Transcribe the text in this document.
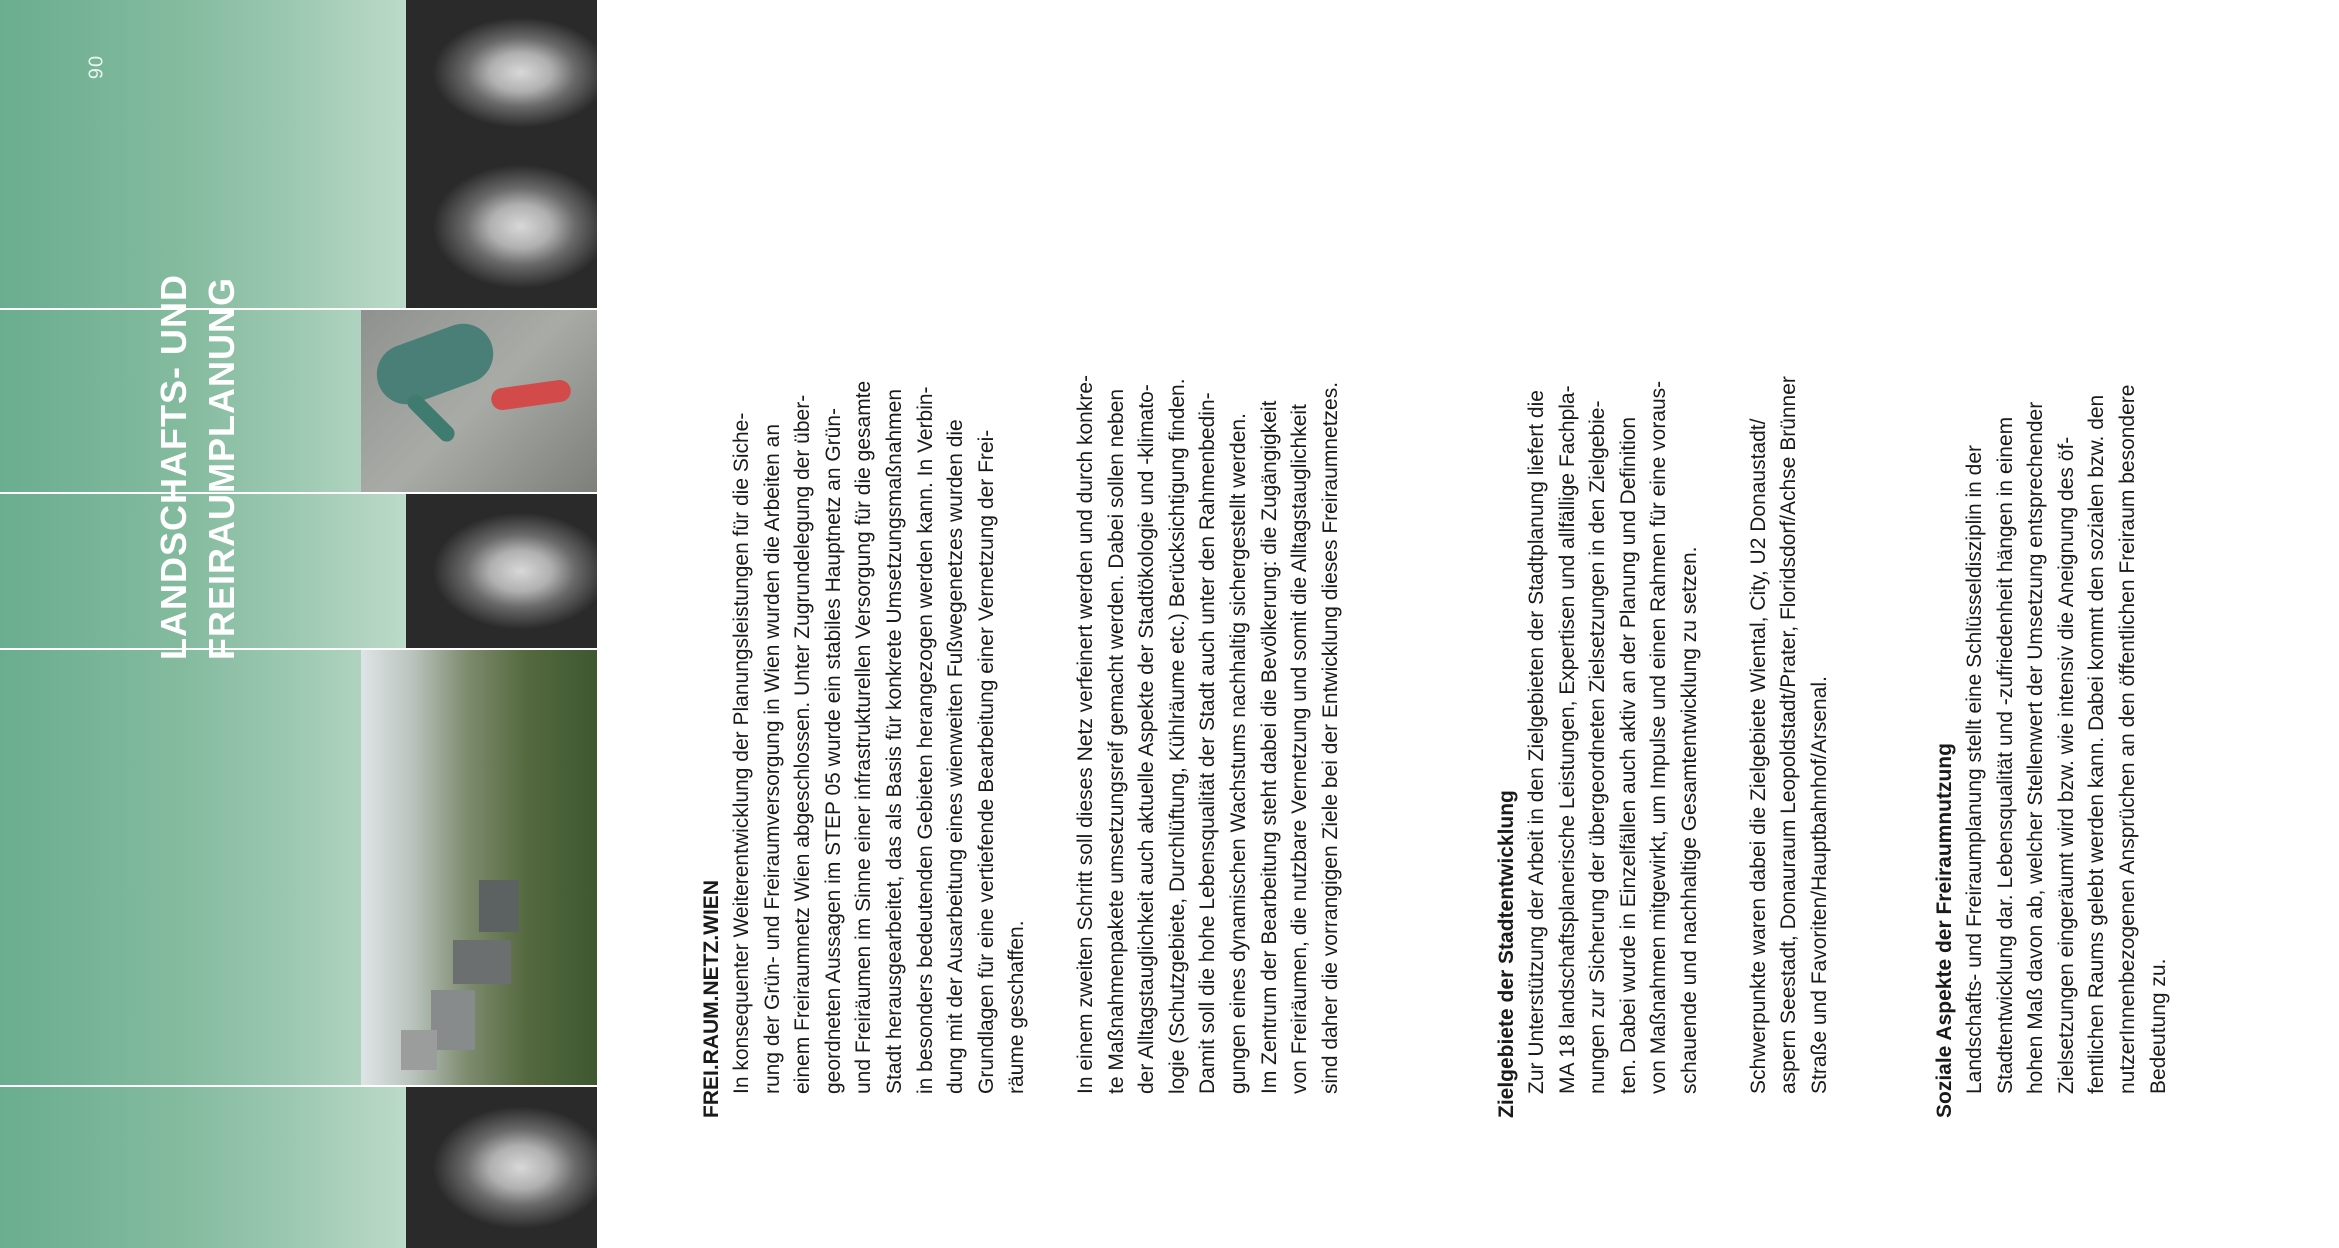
06
LANDSCHAFTS- UND FREIRAUMPLANUNG
FREI.RAUM.NETZ.WIEN In konsequenter Weiterentwicklung der Planungsleistungen für die Siche- rung der Grün- und Freiraumversorgung in Wien wurden die Arbeiten an einem Freiraumnetz Wien abgeschlossen. Unter Zugrundelegung der über- geordneten Aussagen im STEP 05 wurde ein stabiles Hauptnetz an Grün- und Freiräumen im Sinne einer infrastrukturellen Versorgung für die gesamte Stadt herausgearbeitet, das als Basis für konkrete Umsetzungsmaßnahmen in besonders bedeutenden Gebieten herangezogen werden kann. In Verbin- dung mit der Ausarbeitung eines wienweiten Fußwegenetzes wurden die Grundlagen für eine vertiefende Bearbeitung einer Vernetzung der Frei- räume geschaffen. In einem zweiten Schritt soll dieses Netz verfeinert werden und durch konkre- te Maßnahmenpakete umsetzungsreif gemacht werden. Dabei sollen neben der Alltagstauglichkeit auch aktuelle Aspekte der Stadtökologie und -klimato- logie (Schutzgebiete, Durchlüftung, Kühlräume etc.) Berücksichtigung finden. Damit soll die hohe Lebensqualität der Stadt auch unter den Rahmenbedin- gungen eines dynamischen Wachstums nachhaltig sichergestellt werden. Im Zentrum der Bearbeitung steht dabei die Bevölkerung: die Zugängigkeit von Freiräumen, die nutzbare Vernetzung und somit die Alltagstauglichkeit sind daher die vorrangigen Ziele bei der Entwicklung dieses Freiraumnetzes.	Zielgebiete der Stadtentwicklung Zur Unterstützung der Arbeit in den Zielgebieten der Stadtplanung liefert die MA 18 landschaftsplanerische Leistungen, Expertisen und allfällige Fachpla- nungen zur Sicherung der übergeordneten Zielsetzungen in den Zielgebie- ten. Dabei wurde in Einzelfällen auch aktiv an der Planung und Definition von Maßnahmen mitgewirkt, um Impulse und einen Rahmen für eine voraus- schauende und nachhaltige Gesamtentwicklung zu setzen. Schwerpunkte waren dabei die Zielgebiete Wiental, City, U2 Donaustadt/ aspern Seestadt, Donauraum Leopoldstadt/Prater, Floridsdorf/Achse Brünner Straße und Favoriten/Hauptbahnhof/Arsenal.	Soziale Aspekte der Freiraumnutzung Landschafts- und Freiraumplanung stellt eine Schlüsseldisziplin in der Stadtentwicklung dar. Lebensqualität und -zufriedenheit hängen in einem hohen Maß davon ab, welcher Stellenwert der Umsetzung entsprechender Zielsetzungen eingeräumt wird bzw. wie intensiv die Aneignung des öf- fentlichen Raums gelebt werden kann. Dabei kommt den sozialen bzw. den nutzerInnenbezogenen Ansprüchen an den öffentlichen Freiraum besondere Bedeutung zu.
